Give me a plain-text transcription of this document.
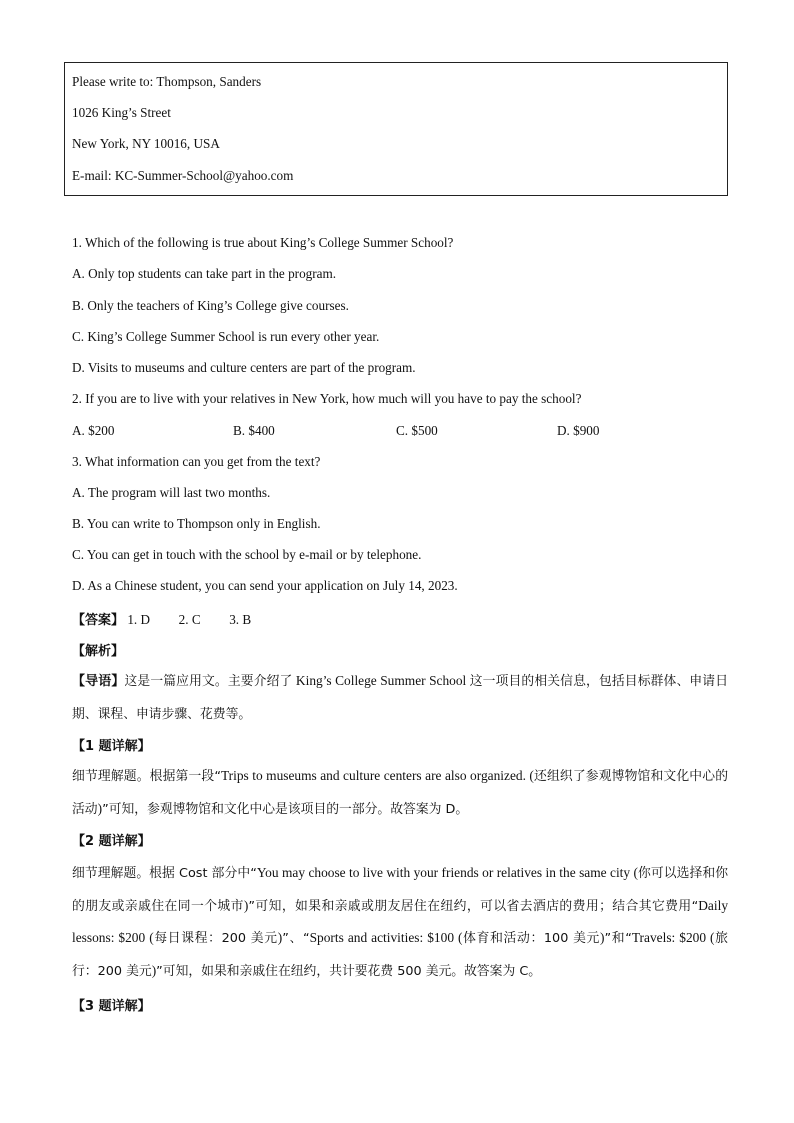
Please write to: Thompson, Sanders
1026 King’s Street
New York, NY 10016, USA
E-mail: KC-Summer-School@yahoo.com
1. Which of the following is true about King’s College Summer School?
A. Only top students can take part in the program.
B. Only the teachers of King’s College give courses.
C. King’s College Summer School is run every other year.
D. Visits to museums and culture centers are part of the program.
2. If you are to live with your relatives in New York, how much will you have to pay the school?
A. $200	B. $400	C. $500	D. $900
3. What information can you get from the text?
A. The program will last two months.
B. You can write to Thompson only in English.
C. You can get in touch with the school by e-mail or by telephone.
D. As a Chinese student, you can send your application on July 14, 2023.
【答案】 1. D 2. C 3. B
【解析】
【导语】这是一篇应用文。主要介绍了 King’s College Summer School 这一项目的相关信息，包括目标群体、申请日期、课程、申请步骤、花费等。
【1 题详解】
细节理解题。根据第一段“Trips to museums and culture centers are also organized. (还组织了参观博物馆和文化中心的活动)”可知，参观博物馆和文化中心是该项目的一部分。故答案为 D。
【2 题详解】
细节理解题。根据 Cost 部分中“You may choose to live with your friends or relatives in the same city (你可以选择和你的朋友或亲戚住在同一个城市)”可知，如果和亲戚或朋友居住在纽约，可以省去酒店的费用；结合其它费用“Daily lessons: $200 (每日课程：200 美元)”、“Sports and activities: $100 (体育和活动：100 美元)”和“Travels: $200 (旅行：200 美元)”可知，如果和亲戚住在纽约，共计要花费 500 美元。故答案为 C。
【3 题详解】
